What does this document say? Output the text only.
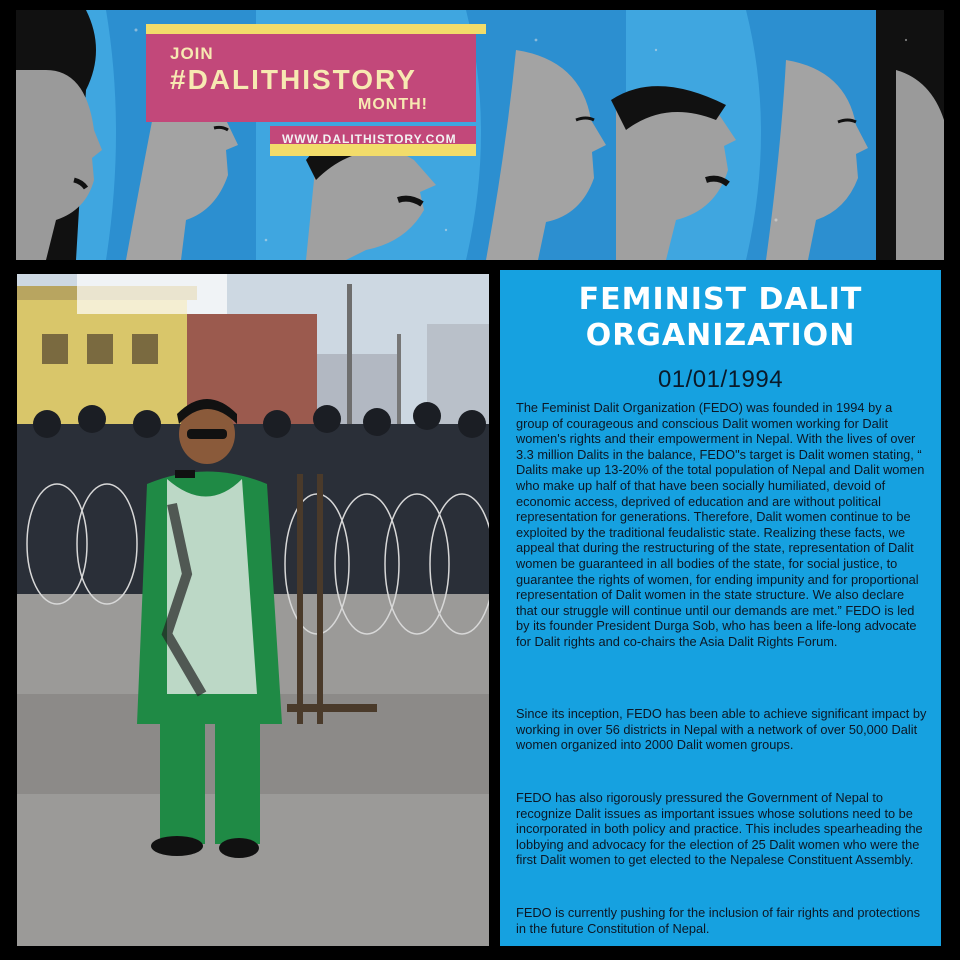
JOIN
#DALITHISTORY
MONTH!
WWW.DALITHISTORY.COM
FEMINIST DALIT
ORGANIZATION
01/01/1994

The Feminist Dalit Organization (FEDO) was founded in 1994 by a group of courageous and conscious Dalit women working for Dalit women's rights and their empowerment in Nepal. With the lives of over 3.3 million Dalits in the balance, FEDO"s target is Dalit women stating, “ Dalits make up 13-20% of the total population of Nepal and Dalit women who make up half of that have been socially humiliated, devoid of economic access, deprived of education and are without political representation for generations. Therefore, Dalit women continue to be exploited by the traditional feudalistic state. Realizing these facts, we appeal that during the restructuring of the state, representation of Dalit women be guaranteed in all bodies of the state, for social justice, to guarantee the rights of women, for ending impunity and for proportional representation of Dalit women in the state structure. We also declare that our struggle will continue until our demands are met.” FEDO is led by its founder President Durga Sob, who has been a life-long advocate for Dalit rights and co-chairs the Asia Dalit Rights Forum.

Since its inception, FEDO has been able to achieve significant impact by working in over 56 districts in Nepal with a network of over 50,000 Dalit women organized into 2000 Dalit women groups.

FEDO has also rigorously pressured the Government of Nepal to recognize Dalit issues as important issues whose solutions need to be incorporated in both policy and practice. This includes spearheading the lobbying and advocacy for the election of 25 Dalit women who were the first Dalit women to get elected to the Nepalese Constituent Assembly.

FEDO is currently pushing for the inclusion of fair rights and protections in the future Constitution of Nepal.
